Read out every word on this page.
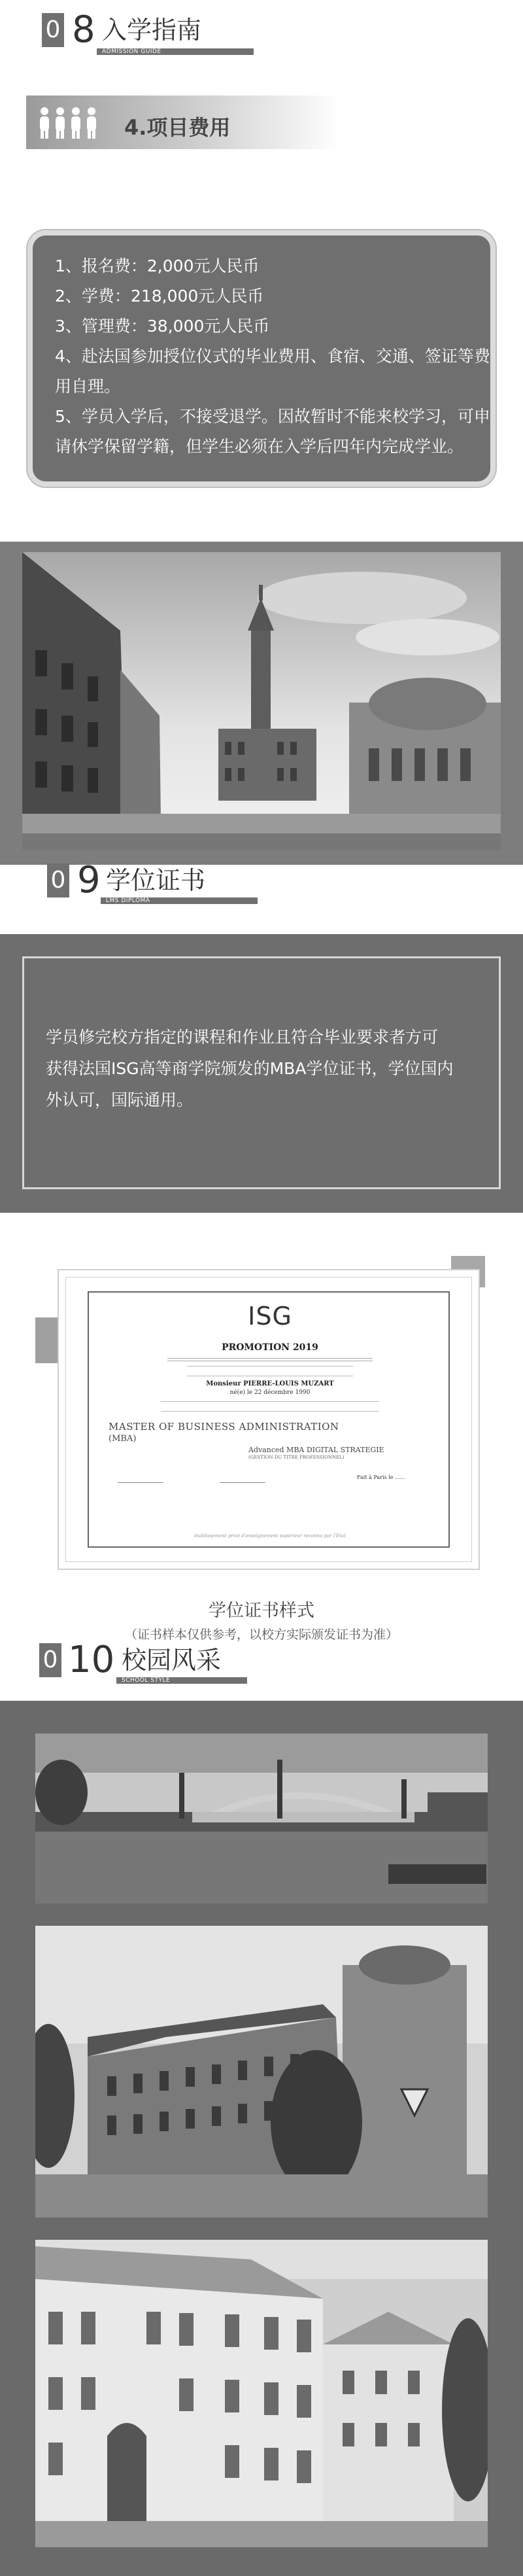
0 8 入学指南
ADMISSION GUIDE
4.项目费用
1、报名费：2,000元人民币
2、学费：218,000元人民币
3、管理费：38,000元人民币
4、赴法国参加授位仪式的毕业费用、食宿、交通、签证等费
用自理。
5、学员入学后，不接受退学。因故暂时不能来校学习，可申
请休学保留学籍，但学生必须在入学后四年内完成学业。
0 9 学位证书
LMS DIPLOMA
学员修完校方指定的课程和作业且符合毕业要求者方可
获得法国ISG高等商学院颁发的MBA学位证书，学位国内
外认可，国际通用。
ISG
PROMOTION 2019
Monsieur PIERRE-LOUIS MUZART
né(e) le 22 décembre 1990
MASTER OF BUSINESS ADMINISTRATION
(MBA)
Advanced MBA DIGITAL STRATEGIE
(GESTION DU TITRE PROFESSIONNEL)
Fait à Paris le ......
établissement privé d'enseignement supérieur reconnu par l'État
学位证书样式
（证书样本仅供参考，以校方实际颁发证书为准）
0 10 校园风采
SCHOOL STYLE
